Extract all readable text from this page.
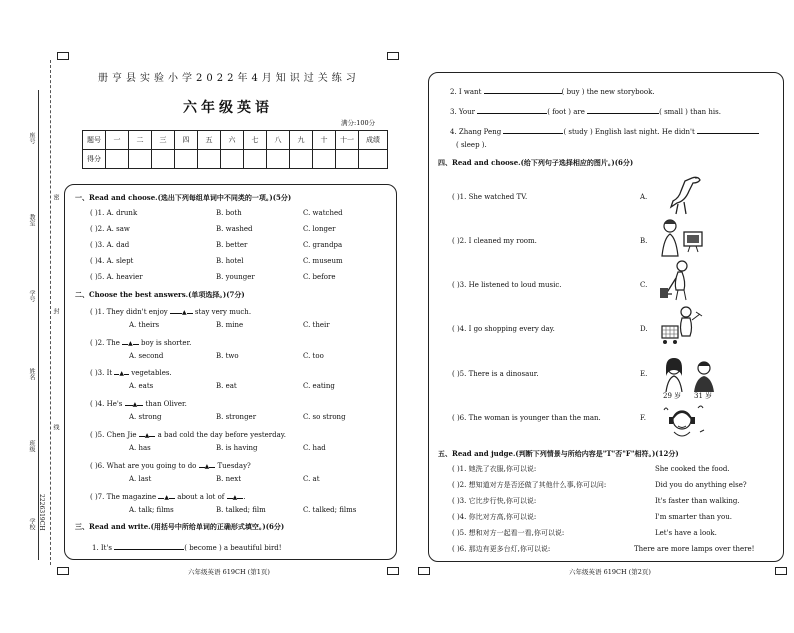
座号
教室
学号
姓名
班级
学校 2226319CH
密
封
线
册亨县实验小学2022年4月知识过关练习
六年级英语
满分:100分
题号	一	二	三	四	五	六	七	八	九	十	十一	成绩
得分												
一、Read and choose.(选出下列每组单词中不同类的一项。)(5分)
( )1. A. drunk	B. both	C. watched
( )2. A. saw	B. washed	C. longer
( )3. A. dad	B. better	C. grandpa
( )4. A. slept	B. hotel	C. museum
( )5. A. heavier	B. younger	C. before
二、Choose the best answers.(单项选择。)(7分)
( )1. They didn't enjoy ▲ stay very much.
A. theirs	B. mine	C. their
( )2. The ▲ boy is shorter.
A. second	B. two	C. too
( )3. It ▲ vegetables.
A. eats	B. eat	C. eating
( )4. He's ▲ than Oliver.
A. strong	B. stronger	C. so strong
( )5. Chen Jie ▲ a bad cold the day before yesterday.
A. has	B. is having	C. had
( )6. What are you going to do ▲ Tuesday?
A. last	B. next	C. at
( )7. The magazine ▲ about a lot of ▲ .
A. talk; films	B. talked; film	C. talked; films
三、Read and write.(用括号中所给单词的正确形式填空。)(6分)
1. It's	( become ) a beautiful bird!
六年级英语 619CH (第1页)
2. I want	( buy ) the new storybook.
3. Your	( foot ) are	( small ) than his.
4. Zhang Peng	( study ) English last night. He didn't
( sleep ).
四、Read and choose.(给下列句子选择相应的图片。)(6分)
( )1. She watched TV.	A.
( )2. I cleaned my room.	B.
( )3. He listened to loud music.	C.
( )4. I go shopping every day.	D.
( )5. There is a dinosaur.	E.
( )6. The woman is younger than the man.	F.
29 岁 31 岁
五、Read and judge.(判断下列情景与所给内容是"T"否"F"相符。)(12分)
( )1. 她洗了衣服,你可以说:	She cooked the food.
( )2. 想知道对方是否还做了其他什么事,你可以问:	Did you do anything else?
( )3. 它比步行快,你可以说:	It's faster than walking.
( )4. 你比对方高,你可以说:	I'm smarter than you.
( )5. 想和对方一起看一看,你可以说:	Let's have a look.
( )6. 那边有更多台灯,你可以说:	There are more lamps over there!
六年级英语 619CH (第2页)
